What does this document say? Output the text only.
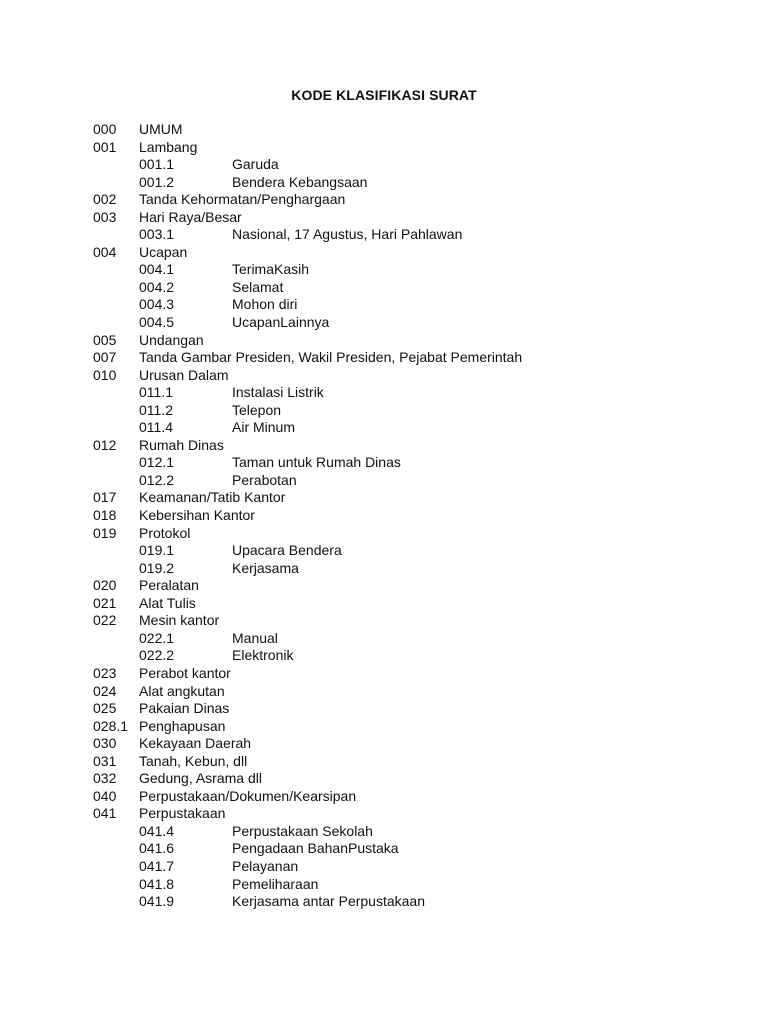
KODE KLASIFIKASI SURAT
000 UMUM
001 Lambang
001.1	Garuda
001.2	Bendera Kebangsaan
002 Tanda Kehormatan/Penghargaan
003 Hari Raya/Besar
003.1	Nasional, 17 Agustus, Hari Pahlawan
004 Ucapan
004.1	TerimaKasih
004.2	Selamat
004.3	Mohon diri
004.5	UcapanLainnya
005 Undangan
007 Tanda Gambar Presiden, Wakil Presiden, Pejabat Pemerintah
010 Urusan Dalam
011.1	Instalasi Listrik
011.2	Telepon
011.4	Air Minum
012 Rumah Dinas
012.1	Taman untuk Rumah Dinas
012.2	Perabotan
017 Keamanan/Tatib Kantor
018 Kebersihan Kantor
019 Protokol
019.1	Upacara Bendera
019.2	Kerjasama
020 Peralatan
021 Alat Tulis
022 Mesin kantor
022.1	Manual
022.2	Elektronik
023 Perabot kantor
024 Alat angkutan
025 Pakaian Dinas
028.1 Penghapusan
030 Kekayaan Daerah
031 Tanah, Kebun, dll
032 Gedung, Asrama dll
040 Perpustakaan/Dokumen/Kearsipan
041 Perpustakaan
041.4	Perpustakaan Sekolah
041.6	Pengadaan BahanPustaka
041.7	Pelayanan
041.8	Pemeliharaan
041.9	Kerjasama antar Perpustakaan
